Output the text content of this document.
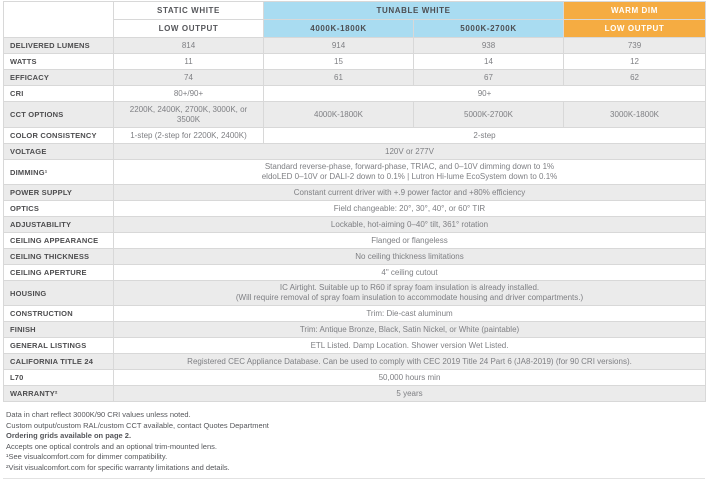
	STATIC WHITE	TUNABLE WHITE		WARM DIM
	LOW OUTPUT	4000K-1800K	5000K-2700K	LOW OUTPUT
DELIVERED LUMENS	814	914	938	739
WATTS	11	15	14	12
EFFICACY	74	61	67	62
CRI	80+/90+	90+		
CCT OPTIONS	2200K, 2400K, 2700K, 3000K, or 3500K	4000K-1800K	5000K-2700K	3000K-1800K
COLOR CONSISTENCY	1-step (2-step for 2200K, 2400K)	2-step		
VOLTAGE	120V or 277V			
DIMMING¹	Standard reverse-phase, forward-phase, TRIAC, and 0–10V dimming down to 1%
eldoLED 0–10V or DALI-2 down to 0.1% | Lutron Hi-lume EcoSystem down to 0.1%			

POWER SUPPLY	Constant current driver with +.9 power factor and +80% efficiency			
OPTICS	Field changeable: 20°, 30°, 40°, or 60° TIR			
ADJUSTABILITY	Lockable, hot-aiming 0–40° tilt, 361° rotation			
CEILING APPEARANCE	Flanged or flangeless			
CEILING THICKNESS	No ceiling thickness limitations			
CEILING APERTURE	4" ceiling cutout			
HOUSING	IC Airtight. Suitable up to R60 if spray foam insulation is already installed.
(Will require removal of spray foam insulation to accommodate housing and driver compartments.)			

CONSTRUCTION	Trim: Die-cast aluminum			
FINISH	Trim: Antique Bronze, Black, Satin Nickel, or White (paintable)			
GENERAL LISTINGS	ETL Listed. Damp Location. Shower version Wet Listed.			
CALIFORNIA TITLE 24	Registered CEC Appliance Database. Can be used to comply with CEC 2019 Title 24 Part 6 (JA8-2019) (for 90 CRI versions).			
L70	50,000 hours min			
WARRANTY²	5 years			
Data in chart reflect 3000K/90 CRI values unless noted.
Custom output/custom RAL/custom CCT available, contact Quotes Department
Ordering grids available on page 2.
Accepts one optical controls and an optional trim-mounted lens.
¹See visualcomfort.com for dimmer compatibility.
²Visit visualcomfort.com for specific warranty limitations and details.
